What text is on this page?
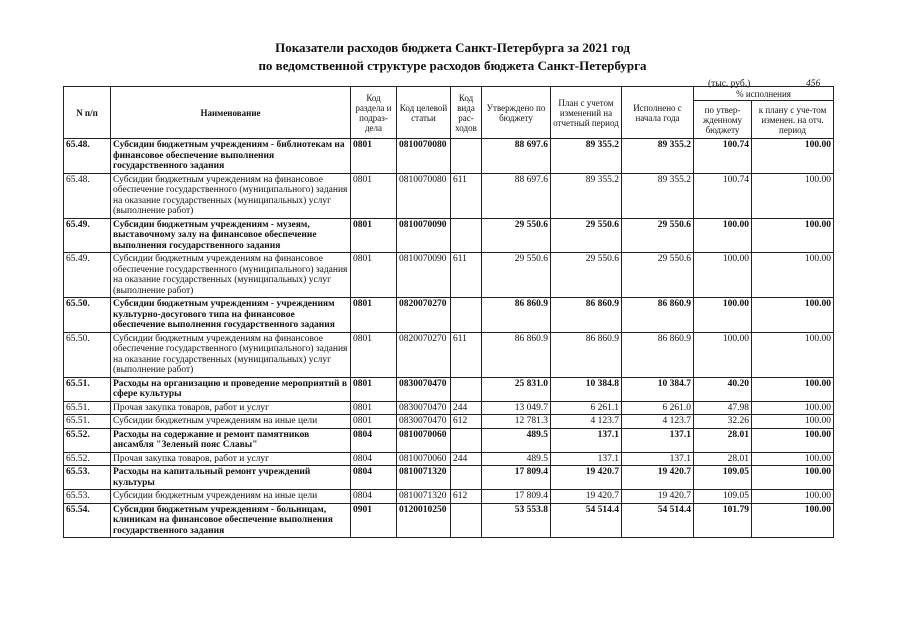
Показатели расходов бюджета Санкт-Петербурга за 2021 год
по ведомственной структуре расходов бюджета Санкт-Петербурга
(тыс. руб.)	456
N п/п	Наименование	Код раздела и подраз-дела	Код целевой статьи	Код вида рас-ходов	Утверждено по бюджету	План с учетом изменений на отчетный период	Исполнено с начала года	% исполнения	
								по утвер-жденному бюджету	к плану с уче-том изменен. на отч. период
65.48.	Субсидии бюджетным учреждениям - библиотекам на финансовое обеспечение выполнения государственного задания	0801	0810070080		88 697.6	89 355.2	89 355.2	100.74	100.00
65.48.	Субсидии бюджетным учреждениям на финансовое обеспечение государственного (муниципального) задания на оказание государственных (муниципальных) услуг (выполнение работ)	0801	0810070080	611	88 697.6	89 355.2	89 355.2	100.74	100.00
65.49.	Субсидии бюджетным учреждениям - музеям, выставочному залу на финансовое обеспечение выполнения государственного задания	0801	0810070090		29 550.6	29 550.6	29 550.6	100.00	100.00
65.49.	Субсидии бюджетным учреждениям на финансовое обеспечение государственного (муниципального) задания на оказание государственных (муниципальных) услуг (выполнение работ)	0801	0810070090	611	29 550.6	29 550.6	29 550.6	100.00	100.00
65.50.	Субсидии бюджетным учреждениям - учреждениям культурно-досугового типа на финансовое обеспечение выполнения государственного задания	0801	0820070270		86 860.9	86 860.9	86 860.9	100.00	100.00
65.50.	Субсидии бюджетным учреждениям на финансовое обеспечение государственного (муниципального) задания на оказание государственных (муниципальных) услуг (выполнение работ)	0801	0820070270	611	86 860.9	86 860.9	86 860.9	100.00	100.00
65.51.	Расходы на организацию и проведение мероприятий в сфере культуры	0801	0830070470		25 831.0	10 384.8	10 384.7	40.20	100.00
65.51.	Прочая закупка товаров, работ и услуг	0801	0830070470	244	13 049.7	6 261.1	6 261.0	47.98	100.00
65.51.	Субсидии бюджетным учреждениям на иные цели	0801	0830070470	612	12 781.3	4 123.7	4 123.7	32.26	100.00
65.52.	Расходы на содержание и ремонт памятников ансамбля "Зеленый пояс Славы"	0804	0810070060		489.5	137.1	137.1	28.01	100.00
65.52.	Прочая закупка товаров, работ и услуг	0804	0810070060	244	489.5	137.1	137.1	28.01	100.00
65.53.	Расходы на капитальный ремонт учреждений культуры	0804	0810071320		17 809.4	19 420.7	19 420.7	109.05	100.00
65.53.	Субсидии бюджетным учреждениям на иные цели	0804	0810071320	612	17 809.4	19 420.7	19 420.7	109.05	100.00
65.54.	Субсидии бюджетным учреждениям - больницам, клиникам на финансовое обеспечение выполнения государственного задания	0901	0120010250		53 553.8	54 514.4	54 514.4	101.79	100.00
